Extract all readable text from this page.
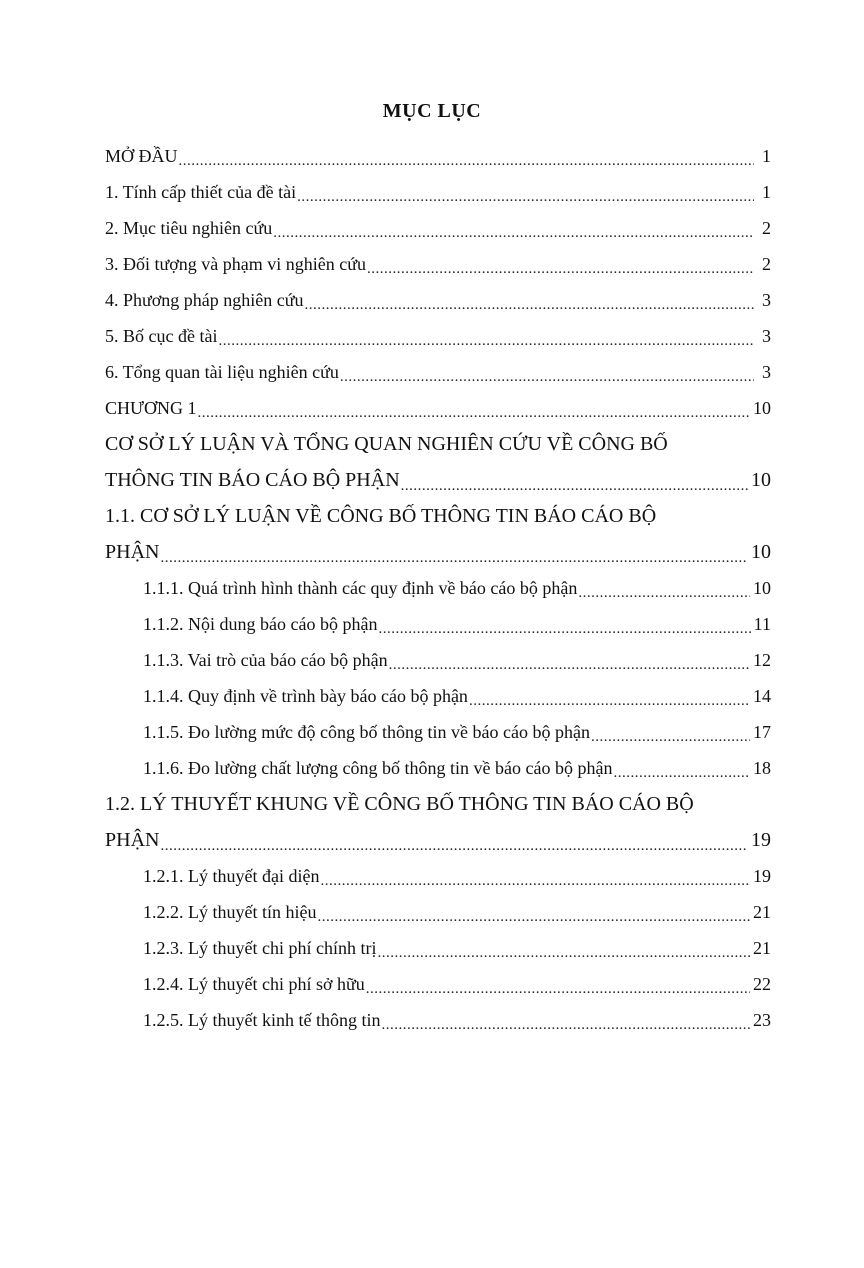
MỤC LỤC
MỞ ĐẦU .....	1
1. Tính cấp thiết của đề tài .....	1
2. Mục tiêu nghiên cứu .....	2
3. Đối tượng và phạm vi nghiên cứu .....	2
4. Phương pháp nghiên cứu .....	3
5. Bố cục đề tài .....	3
6. Tổng quan tài liệu nghiên cứu .....	3
CHƯƠNG 1 .....	10
CƠ SỞ LÝ LUẬN VÀ TỔNG QUAN NGHIÊN CỨU VỀ CÔNG BỐ
THÔNG TIN BÁO CÁO BỘ PHẬN .....	10
1.1. CƠ SỞ LÝ LUẬN VỀ CÔNG BỐ THÔNG TIN BÁO CÁO BỘ
PHẬN .....	10
1.1.1. Quá trình hình thành các quy định về báo cáo bộ phận .....	10
1.1.2. Nội dung báo cáo bộ phận .....	11
1.1.3. Vai trò của báo cáo bộ phận .....	12
1.1.4. Quy định về trình bày báo cáo bộ phận .....	14
1.1.5. Đo lường mức độ công bố thông tin về báo cáo bộ phận .....	17
1.1.6. Đo lường chất lượng công bố thông tin về báo cáo bộ phận .....	18
1.2. LÝ THUYẾT KHUNG VỀ CÔNG BỐ THÔNG TIN BÁO CÁO BỘ
PHẬN .....	19
1.2.1. Lý thuyết đại diện .....	19
1.2.2. Lý thuyết tín hiệu .....	21
1.2.3. Lý thuyết chi phí chính trị .....	21
1.2.4. Lý thuyết chi phí sở hữu .....	22
1.2.5. Lý thuyết kinh tế thông tin .....	23
